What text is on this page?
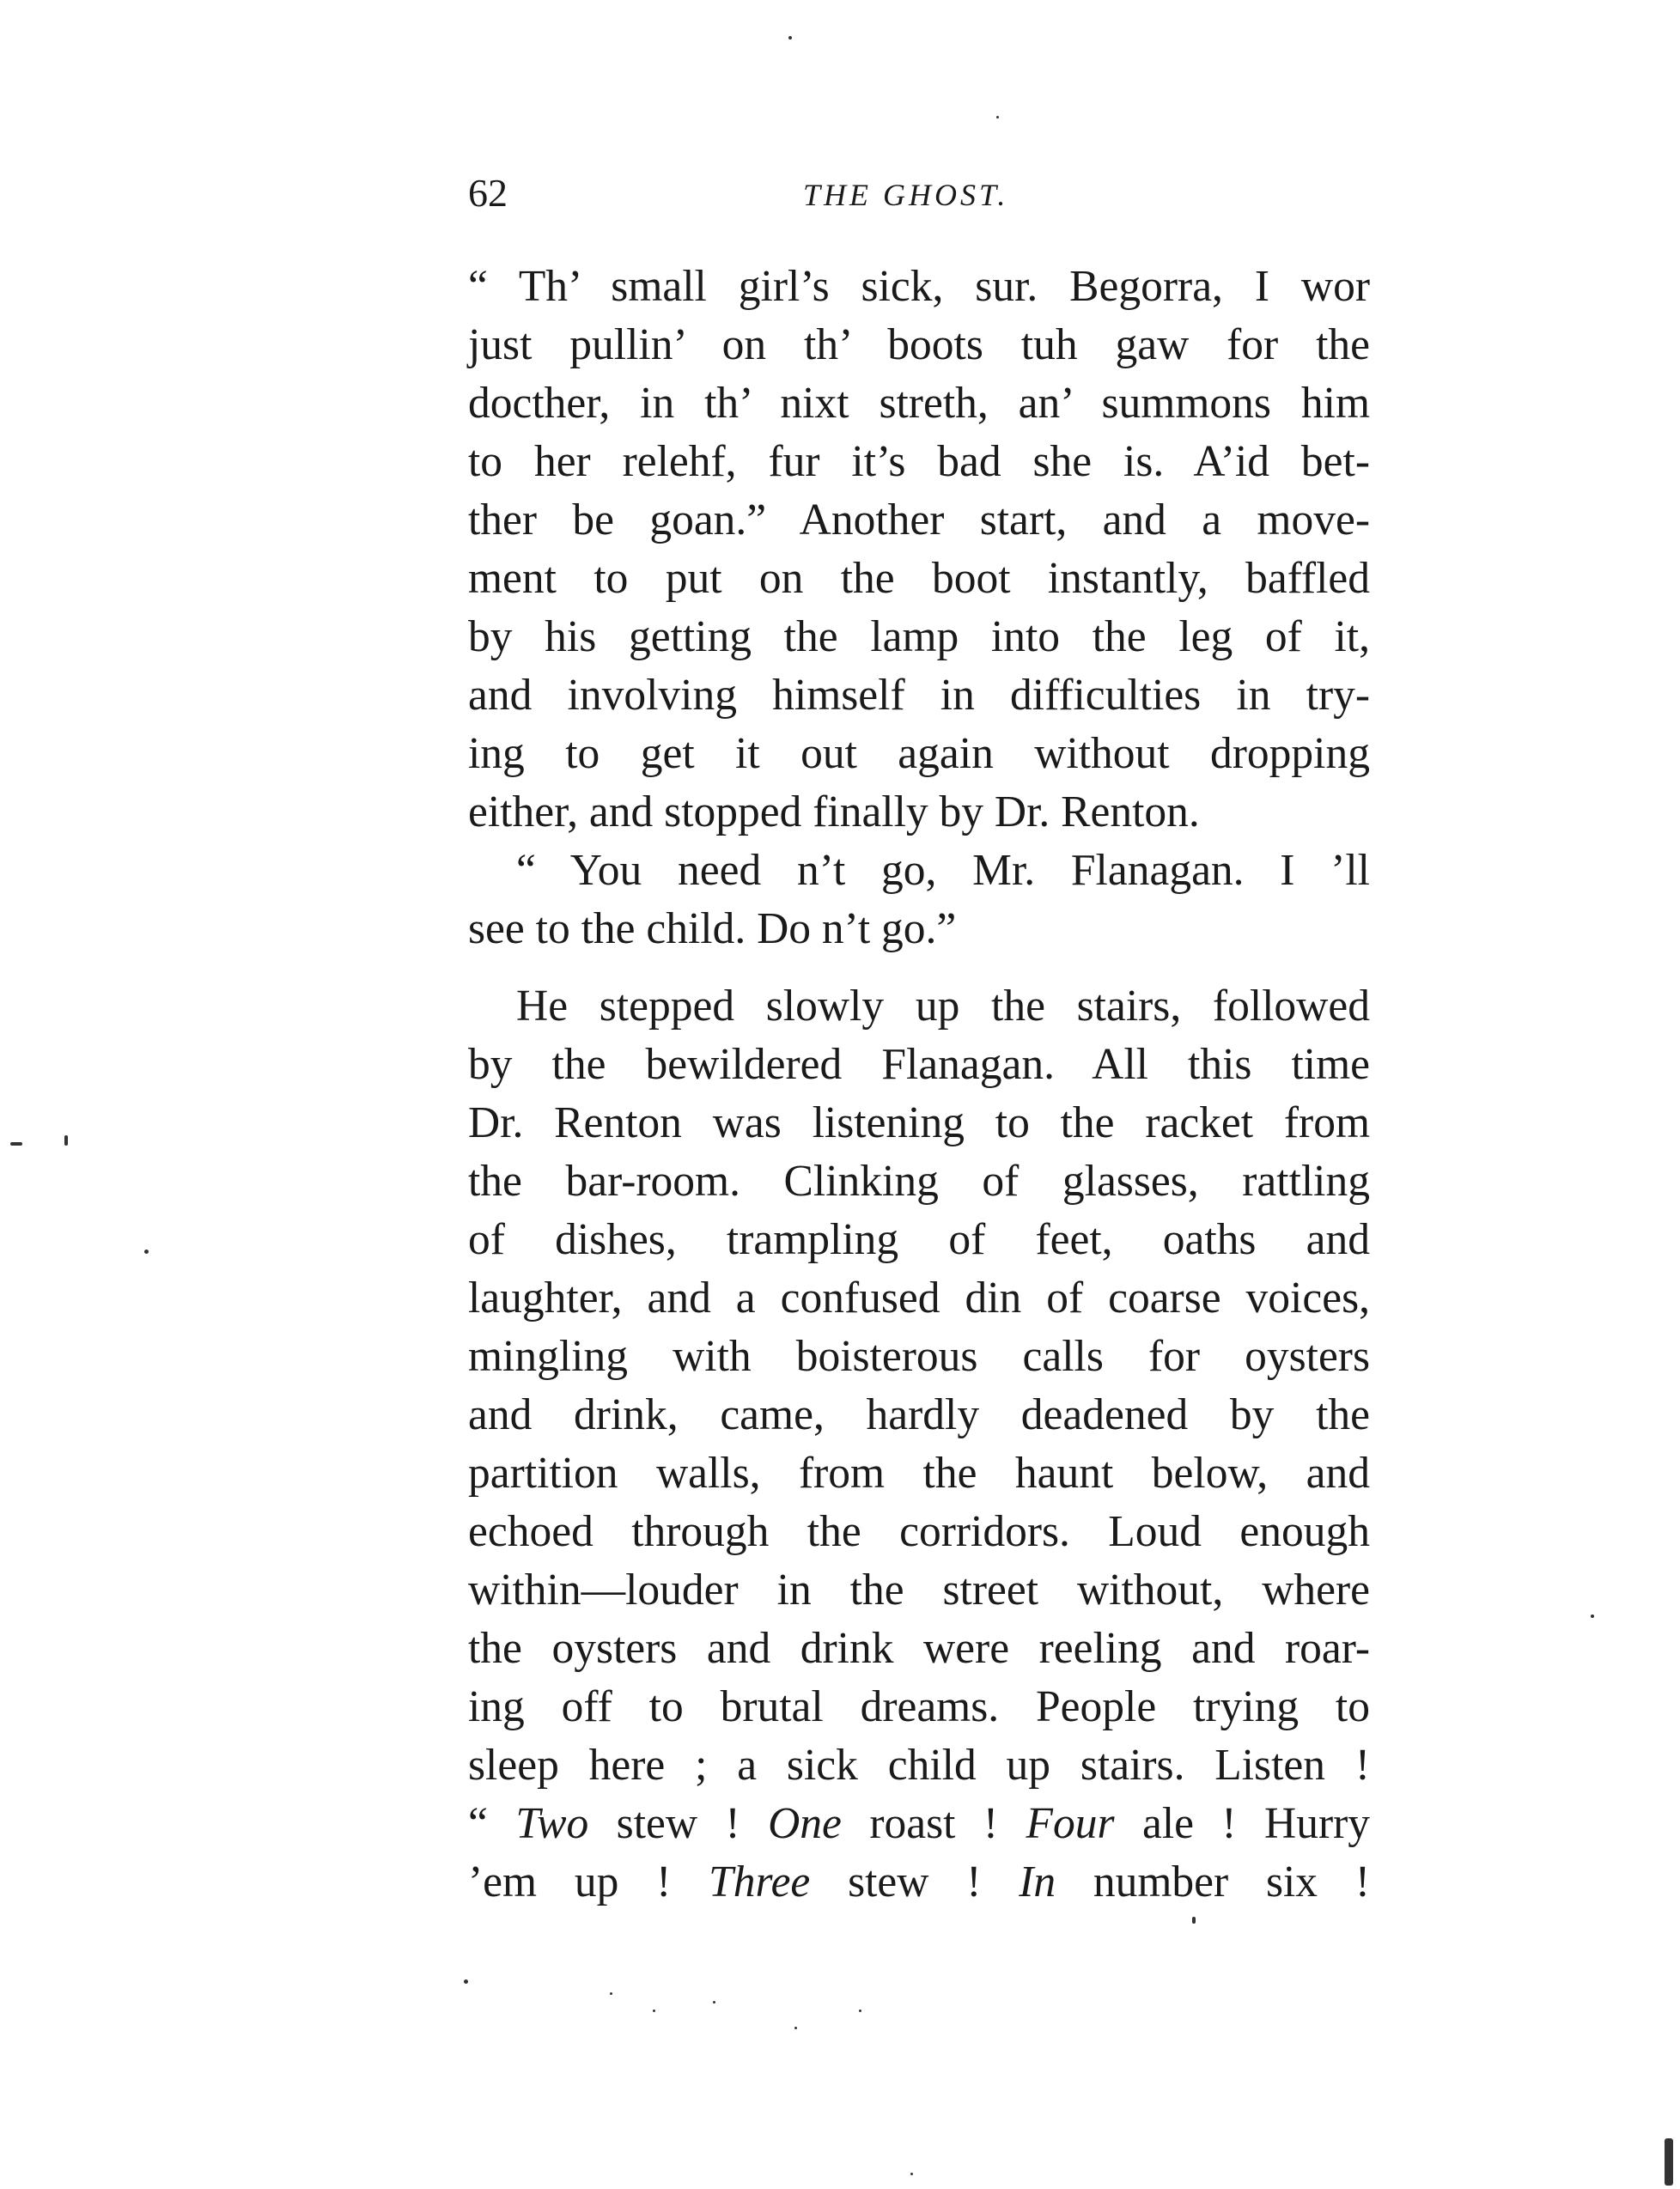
62	THE GHOST.
“ Th’ small girl’s sick, sur. Begorra, I wor
just pullin’ on th’ boots tuh gaw for the
docther, in th’ nixt streth, an’ summons him
to her relehf, fur it’s bad she is. A’id bet-
ther be goan.” Another start, and a move-
ment to put on the boot instantly, baffled
by his getting the lamp into the leg of it,
and involving himself in difficulties in try-
ing to get it out again without dropping
either, and stopped finally by Dr. Renton.
“ You need n’t go, Mr. Flanagan. I ’ll
see to the child. Do n’t go.”
He stepped slowly up the stairs, followed
by the bewildered Flanagan. All this time
Dr. Renton was listening to the racket from
the bar-room. Clinking of glasses, rattling
of dishes, trampling of feet, oaths and
laughter, and a confused din of coarse voices,
mingling with boisterous calls for oysters
and drink, came, hardly deadened by the
partition walls, from the haunt below, and
echoed through the corridors. Loud enough
within—louder in the street without, where
the oysters and drink were reeling and roar-
ing off to brutal dreams. People trying to
sleep here ; a sick child up stairs. Listen !
“ Two stew ! One roast ! Four ale ! Hurry
’em up ! Three stew ! In number six !
